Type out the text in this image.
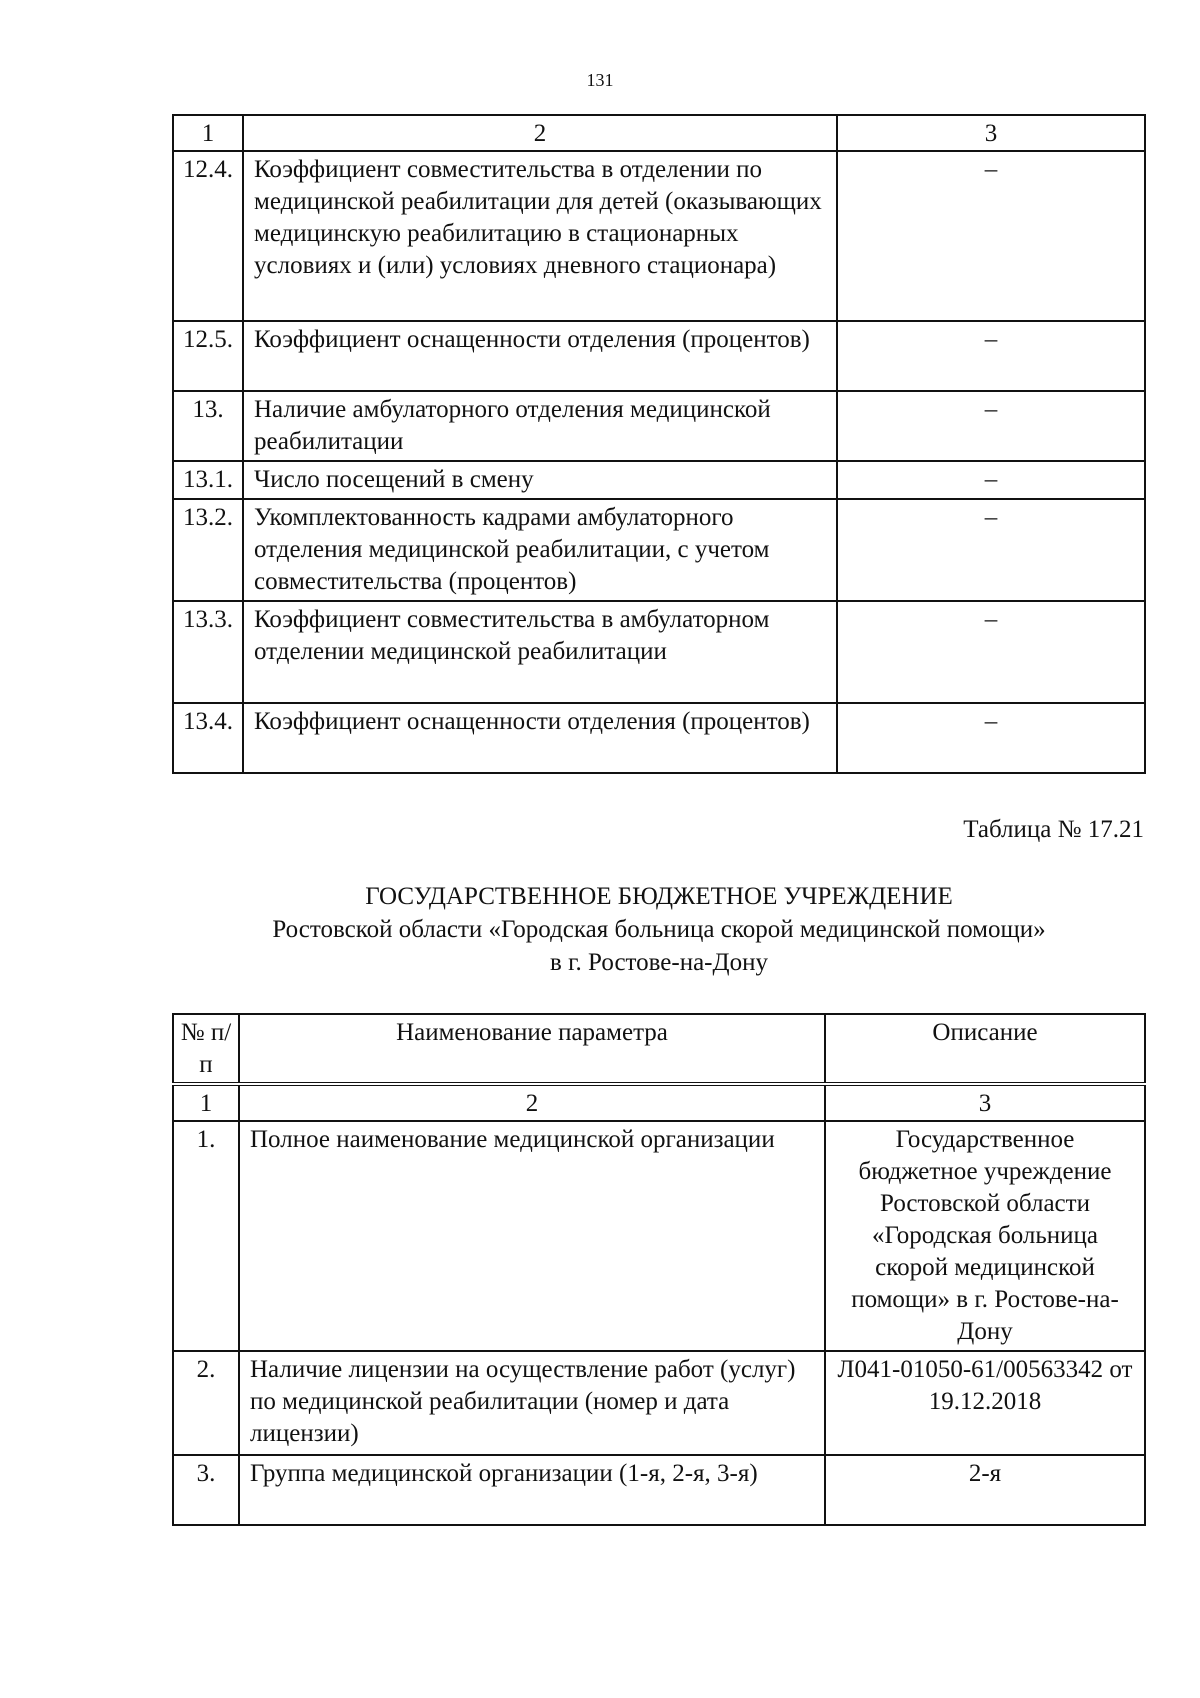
131
1	2	3
12.4.	Коэффициент совместительства в отделении по медицинской реабилитации для детей (оказывающих медицинскую реабилитацию в стационарных условиях и (или) условиях дневного стационара)	–
12.5.	Коэффициент оснащенности отделения (процентов)	–
13.	Наличие амбулаторного отделения медицинской реабилитации	–
13.1.	Число посещений в смену	–
13.2.	Укомплектованность кадрами амбулаторного отделения медицинской реабилитации, с учетом совместительства (процентов)	–
13.3.	Коэффициент совместительства в амбулаторном отделении медицинской реабилитации	–
13.4.	Коэффициент оснащенности отделения (процентов)	–
Таблица № 17.21
ГОСУДАРСТВЕННОЕ БЮДЖЕТНОЕ УЧРЕЖДЕНИЕ
Ростовской области «Городская больница скорой медицинской помощи»
в г. Ростове-на-Дону
№ п/п	Наименование параметра	Описание
1	2	3
1.	Полное наименование медицинской организации	Государственное бюджетное учреждение Ростовской области «Городская больница скорой медицинской помощи» в г. Ростове-на-Дону
2.	Наличие лицензии на осуществление работ (услуг) по медицинской реабилитации (номер и дата лицензии)	Л041-01050-61/00563342 от 19.12.2018
3.	Группа медицинской организации (1-я, 2-я, 3-я)	2-я
